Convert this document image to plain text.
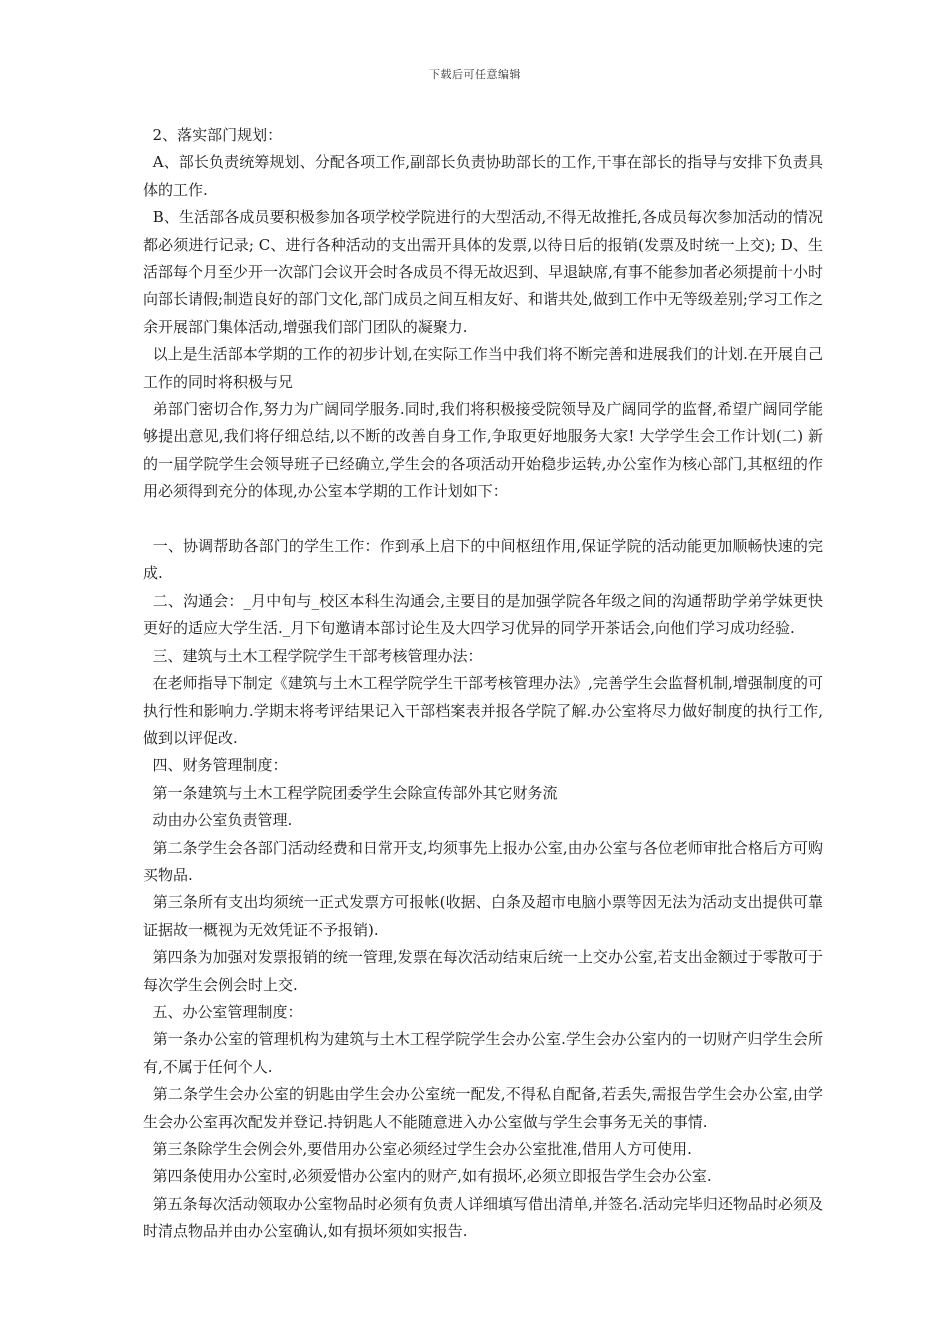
下载后可任意编辑

2、落实部门规划：

A、部长负责统筹规划、分配各项工作,副部长负责协助部长的工作,干事在部长的指导与安排下负责具体的工作.

B、生活部各成员要积极参加各项学校学院进行的大型活动,不得无故推托,各成员每次参加活动的情况都必须进行记录; C、进行各种活动的支出需开具体的发票,以待日后的报销(发票及时统一上交); D、生活部每个月至少开一次部门会议开会时各成员不得无故迟到、早退缺席,有事不能参加者必须提前十小时向部长请假;制造良好的部门文化,部门成员之间互相友好、和谐共处,做到工作中无等级差别;学习工作之余开展部门集体活动,增强我们部门团队的凝聚力.

以上是生活部本学期的工作的初步计划,在实际工作当中我们将不断完善和进展我们的计划.在开展自己工作的同时将积极与兄

弟部门密切合作,努力为广阔同学服务.同时,我们将积极接受院领导及广阔同学的监督,希望广阔同学能够提出意见,我们将仔细总结,以不断的改善自身工作,争取更好地服务大家! 大学学生会工作计划(二) 新的一届学院学生会领导班子已经确立,学生会的各项活动开始稳步运转,办公室作为核心部门,其枢纽的作用必须得到充分的体现,办公室本学期的工作计划如下：

一、协调帮助各部门的学生工作：作到承上启下的中间枢纽作用,保证学院的活动能更加顺畅快速的完成.

二、沟通会：_月中旬与_校区本科生沟通会,主要目的是加强学院各年级之间的沟通帮助学弟学妹更快更好的适应大学生活._月下旬邀请本部讨论生及大四学习优异的同学开茶话会,向他们学习成功经验.

三、建筑与土木工程学院学生干部考核管理办法：

在老师指导下制定《建筑与土木工程学院学生干部考核管理办法》,完善学生会监督机制,增强制度的可执行性和影响力.学期末将考评结果记入干部档案表并报各学院了解.办公室将尽力做好制度的执行工作,做到以评促改.

四、财务管理制度：

第一条建筑与土木工程学院团委学生会除宣传部外其它财务流

动由办公室负责管理.

第二条学生会各部门活动经费和日常开支,均须事先上报办公室,由办公室与各位老师审批合格后方可购买物品.

第三条所有支出均须统一正式发票方可报帐(收据、白条及超市电脑小票等因无法为活动支出提供可靠证据故一概视为无效凭证不予报销).

第四条为加强对发票报销的统一管理,发票在每次活动结束后统一上交办公室,若支出金额过于零散可于每次学生会例会时上交.

五、办公室管理制度：

第一条办公室的管理机构为建筑与土木工程学院学生会办公室.学生会办公室内的一切财产归学生会所有,不属于任何个人.

第二条学生会办公室的钥匙由学生会办公室统一配发,不得私自配备,若丢失,需报告学生会办公室,由学生会办公室再次配发并登记.持钥匙人不能随意进入办公室做与学生会事务无关的事情.

第三条除学生会例会外,要借用办公室必须经过学生会办公室批准,借用人方可使用.

第四条使用办公室时,必须爱惜办公室内的财产,如有损坏,必须立即报告学生会办公室.

第五条每次活动领取办公室物品时必须有负责人详细填写借出清单,并签名.活动完毕归还物品时必须及时清点物品并由办公室确认,如有损坏须如实报告.
